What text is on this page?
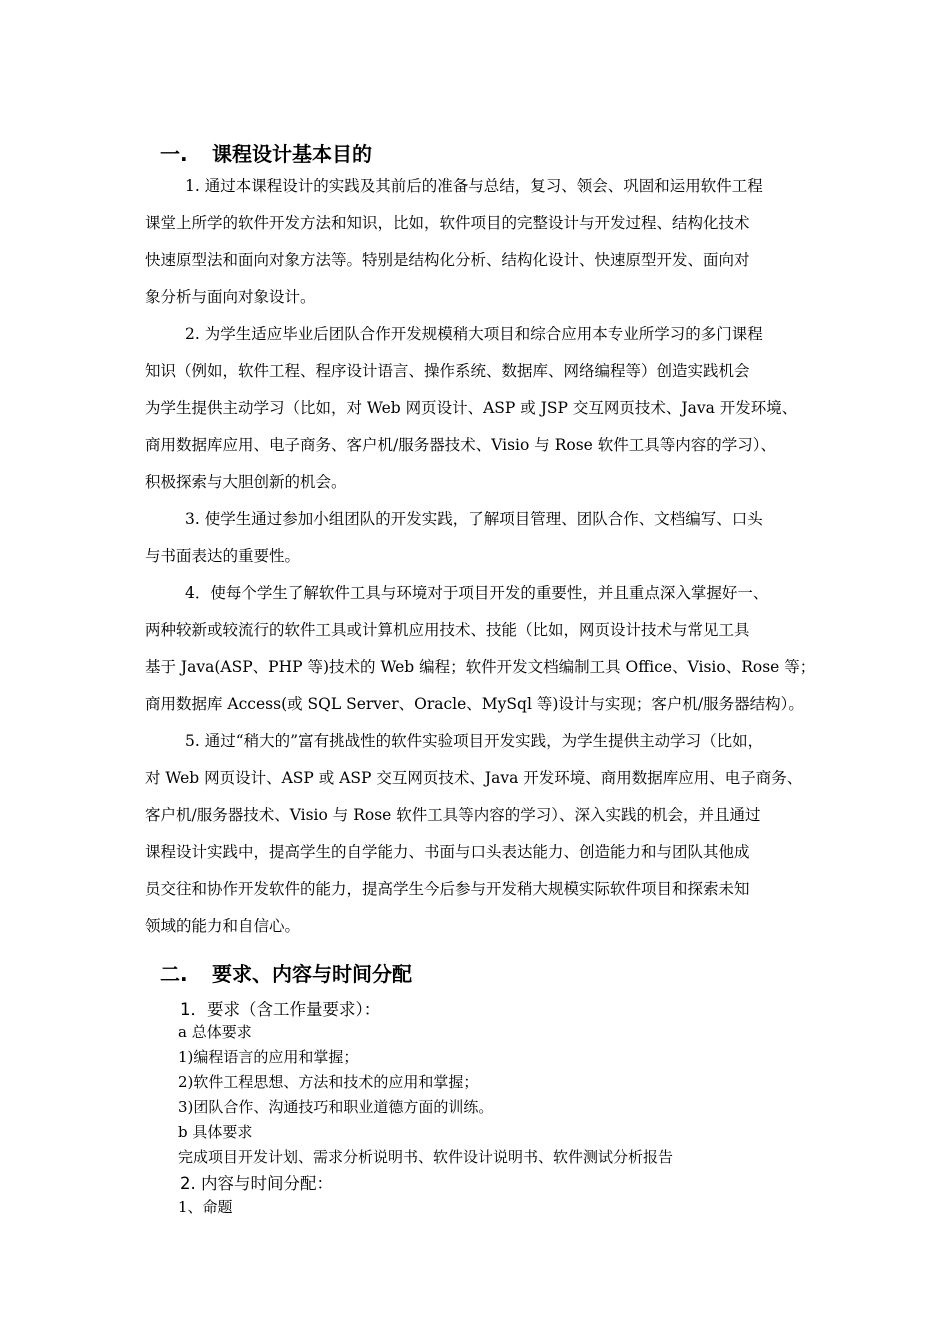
一. 课程设计基本目的
1. 通过本课程设计的实践及其前后的准备与总结，复习、领会、巩固和运用软件工程
课堂上所学的软件开发方法和知识，比如，软件项目的完整设计与开发过程、结构化技术
快速原型法和面向对象方法等。特别是结构化分析、结构化设计、快速原型开发、面向对
象分析与面向对象设计。
2. 为学生适应毕业后团队合作开发规模稍大项目和综合应用本专业所学习的多门课程
知识（例如，软件工程、程序设计语言、操作系统、数据库、网络编程等）创造实践机会
为学生提供主动学习（比如，对 Web 网页设计、ASP 或 JSP 交互网页技术、Java 开发环境、
商用数据库应用、电子商务、客户机/服务器技术、Visio 与 Rose 软件工具等内容的学习）、
积极探索与大胆创新的机会。
3. 使学生通过参加小组团队的开发实践，了解项目管理、团队合作、文档编写、口头
与书面表达的重要性。
4．使每个学生了解软件工具与环境对于项目开发的重要性，并且重点深入掌握好一、
两种较新或较流行的软件工具或计算机应用技术、技能（比如，网页设计技术与常见工具
基于 Java(ASP、PHP 等)技术的 Web 编程；软件开发文档编制工具 Office、Visio、Rose 等；
商用数据库 Access(或 SQL Server、Oracle、MySql 等)设计与实现；客户机/服务器结构）。
5. 通过“稍大的”富有挑战性的软件实验项目开发实践，为学生提供主动学习（比如，
对 Web 网页设计、ASP 或 ASP 交互网页技术、Java 开发环境、商用数据库应用、电子商务、
客户机/服务器技术、Visio 与 Rose 软件工具等内容的学习）、深入实践的机会，并且通过
课程设计实践中，提高学生的自学能力、书面与口头表达能力、创造能力和与团队其他成
员交往和协作开发软件的能力，提高学生今后参与开发稍大规模实际软件项目和探索未知
领域的能力和自信心。
二. 要求、内容与时间分配
1．要求（含工作量要求）：
a 总体要求
1)编程语言的应用和掌握；
2)软件工程思想、方法和技术的应用和掌握；
3)团队合作、沟通技巧和职业道德方面的训练。
b 具体要求
完成项目开发计划、需求分析说明书、软件设计说明书、软件测试分析报告
2. 内容与时间分配：
1、命题
